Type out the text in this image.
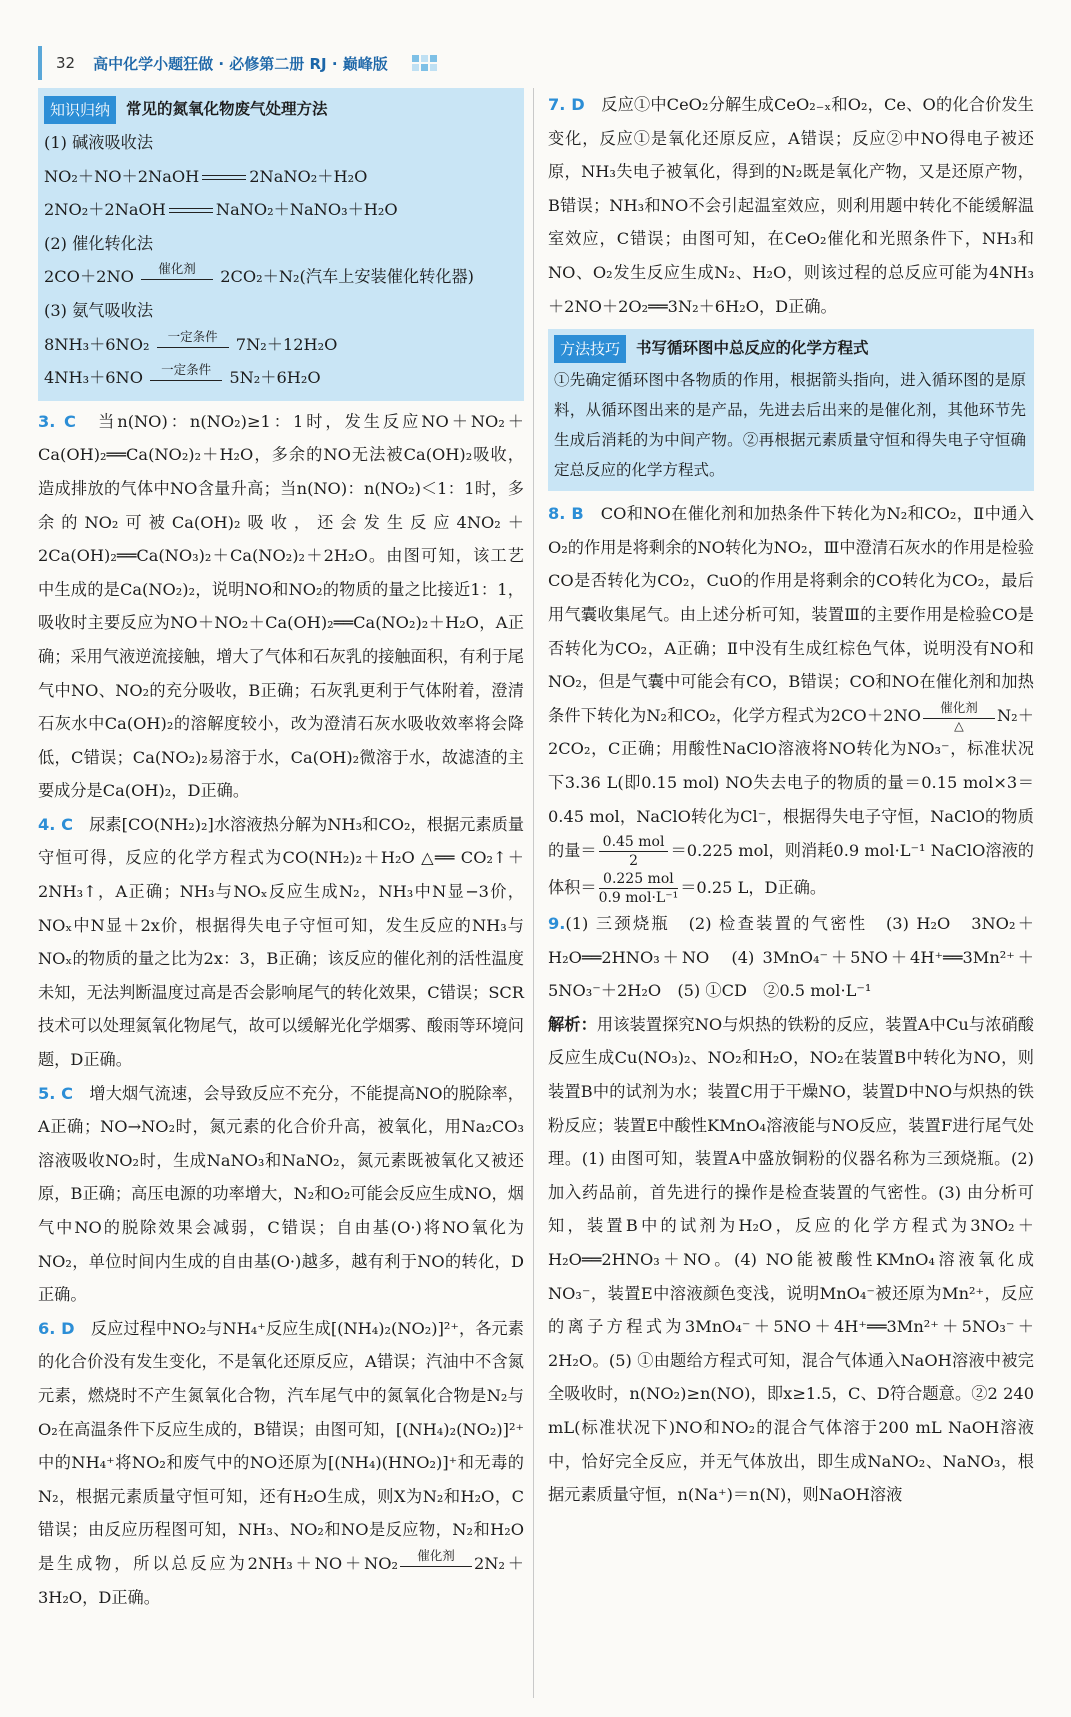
32 高中化学小题狂做 · 必修第二册 RJ · 巅峰版
知识归纳	常见的氮氧化物废气处理方法

(1) 碱液吸收法

NO₂＋NO＋2NaOH	2NaNO₂＋H₂O
2NO₂＋2NaOH	NaNO₂＋NaNO₃＋H₂O

(2) 催化转化法

2CO＋2NO	催化剂	2CO₂＋N₂(汽车上安装催化转化器)

(3) 氨气吸收法

8NH₃＋6NO₂	一定条件	7N₂＋12H₂O
4NH₃＋6NO	一定条件	5N₂＋6H₂O

3. C　 当n(NO)：n(NO₂)≥1：1时，发生反应NO＋NO₂＋Ca(OH)₂══Ca(NO₂)₂＋H₂O，多余的NO无法被Ca(OH)₂吸收，造成排放的气体中NO含量升高；当n(NO)：n(NO₂)＜1：1时，多余的NO₂可被Ca(OH)₂吸收，还会发生反应4NO₂＋2Ca(OH)₂══Ca(NO₃)₂＋Ca(NO₂)₂＋2H₂O。由图可知，该工艺中生成的是Ca(NO₂)₂，说明NO和NO₂的物质的量之比接近1：1，吸收时主要反应为NO＋NO₂＋Ca(OH)₂══Ca(NO₂)₂＋H₂O，A正确；采用气液逆流接触，增大了气体和石灰乳的接触面积，有利于尾气中NO、NO₂的充分吸收，B正确；石灰乳更利于气体附着，澄清石灰水中Ca(OH)₂的溶解度较小，改为澄清石灰水吸收效率将会降低，C错误；Ca(NO₂)₂易溶于水，Ca(OH)₂微溶于水，故滤渣的主要成分是Ca(OH)₂，D正确。

4. C　 尿素[CO(NH₂)₂]水溶液热分解为NH₃和CO₂，根据元素质量守恒可得，反应的化学方程式为CO(NH₂)₂＋H₂O △══ CO₂↑＋2NH₃↑，A正确；NH₃与NOₓ反应生成N₂，NH₃中N显−3价，NOₓ中N显＋2x价，根据得失电子守恒可知，发生反应的NH₃与NOₓ的物质的量之比为2x：3，B正确；该反应的催化剂的活性温度未知，无法判断温度过高是否会影响尾气的转化效果，C错误；SCR技术可以处理氮氧化物尾气，故可以缓解光化学烟雾、酸雨等环境问题，D正确。

5. C　 增大烟气流速，会导致反应不充分，不能提高NO的脱除率，A正确；NO→NO₂时，氮元素的化合价升高，被氧化，用Na₂CO₃溶液吸收NO₂时，生成NaNO₃和NaNO₂，氮元素既被氧化又被还原，B正确；高压电源的功率增大，N₂和O₂可能会反应生成NO，烟气中NO的脱除效果会减弱，C错误；自由基(O·)将NO氧化为NO₂，单位时间内生成的自由基(O·)越多，越有利于NO的转化，D正确。

6. D　 反应过程中NO₂与NH₄⁺反应生成[(NH₄)₂(NO₂)]²⁺，各元素的化合价没有发生变化，不是氧化还原反应，A错误；汽油中不含氮元素，燃烧时不产生氮氧化合物，汽车尾气中的氮氧化合物是N₂与O₂在高温条件下反应生成的，B错误；由图可知，[(NH₄)₂(NO₂)]²⁺中的NH₄⁺将NO₂和废气中的NO还原为[(NH₄)(HNO₂)]⁺和无毒的N₂，根据元素质量守恒可知，还有H₂O生成，则X为N₂和H₂O，C错误；由反应历程图可知，NH₃、NO₂和NO是反应物，N₂和H₂O是生成物，所以总反应为2NH₃＋NO＋NO₂	催化剂	2N₂＋3H₂O，D正确。

7. D　 反应①中CeO₂分解生成CeO₂₋ₓ和O₂，Ce、O的化合价发生变化，反应①是氧化还原反应，A错误；反应②中NO得电子被还原，NH₃失电子被氧化，得到的N₂既是氧化产物，又是还原产物，B错误；NH₃和NO不会引起温室效应，则利用题中转化不能缓解温室效应，C错误；由图可知，在CeO₂催化和光照条件下，NH₃和NO、O₂发生反应生成N₂、H₂O，则该过程的总反应可能为4NH₃＋2NO＋2O₂══3N₂＋6H₂O，D正确。

方法技巧	书写循环图中总反应的化学方程式

①先确定循环图中各物质的作用，根据箭头指向，进入循环图的是原料，从循环图出来的是产品，先进去后出来的是催化剂，其他环节先生成后消耗的为中间产物。②再根据元素质量守恒和得失电子守恒确定总反应的化学方程式。

8. B　 CO和NO在催化剂和加热条件下转化为N₂和CO₂，Ⅱ中通入O₂的作用是将剩余的NO转化为NO₂，Ⅲ中澄清石灰水的作用是检验CO是否转化为CO₂，CuO的作用是将剩余的CO转化为CO₂，最后用气囊收集尾气。由上述分析可知，装置Ⅲ的主要作用是检验CO是否转化为CO₂，A正确；Ⅱ中没有生成红棕色气体，说明没有NO和NO₂，但是气囊中可能会有CO，B错误；CO和NO在催化剂和加热条件下转化为N₂和CO₂，化学方程式为2CO＋2NO	催化剂
△
N₂＋2CO₂，C正确；用酸性NaClO溶液将NO转化为NO₃⁻，标准状况下3.36 L(即0.15 mol) NO失去电子的物质的量＝0.15 mol×3＝0.45 mol，NaClO转化为Cl⁻，根据得失电子守恒，NaClO的物质的量＝ $\frac{\text{0.45 mol}}{2} =0.225$ mol，则消耗0.9 mol·L⁻¹ NaClO溶液的体积＝ $\frac{\text{0.225 mol}}{\text{0.9 mol·L⁻¹}} =0.25$ L，D正确。

9.(1) 三颈烧瓶　(2) 检查装置的气密性　(3) H₂O　3NO₂＋H₂O══2HNO₃＋NO　(4) 3MnO₄⁻＋5NO＋4H⁺══3Mn²⁺＋5NO₃⁻＋2H₂O　(5) ①CD　②0.5 mol·L⁻¹

解析：用该装置探究NO与炽热的铁粉的反应，装置A中Cu与浓硝酸反应生成Cu(NO₃)₂、NO₂和H₂O，NO₂在装置B中转化为NO，则装置B中的试剂为水；装置C用于干燥NO，装置D中NO与炽热的铁粉反应；装置E中酸性KMnO₄溶液能与NO反应，装置F进行尾气处理。(1) 由图可知，装置A中盛放铜粉的仪器名称为三颈烧瓶。(2) 加入药品前，首先进行的操作是检查装置的气密性。(3) 由分析可知，装置B中的试剂为H₂O，反应的化学方程式为3NO₂＋H₂O══2HNO₃＋NO。(4) NO能被酸性KMnO₄溶液氧化成NO₃⁻，装置E中溶液颜色变浅，说明MnO₄⁻被还原为Mn²⁺，反应的离子方程式为3MnO₄⁻＋5NO＋4H⁺══3Mn²⁺＋5NO₃⁻＋2H₂O。(5) ①由题给方程式可知，混合气体通入NaOH溶液中被完全吸收时，n(NO₂)≥n(NO)，即x≥1.5，C、D符合题意。②2 240 mL(标准状况下)NO和NO₂的混合气体溶于200 mL NaOH溶液中，恰好完全反应，并无气体放出，即生成NaNO₂、NaNO₃，根据元素质量守恒，n(Na⁺)＝n(N)，则NaOH溶液
